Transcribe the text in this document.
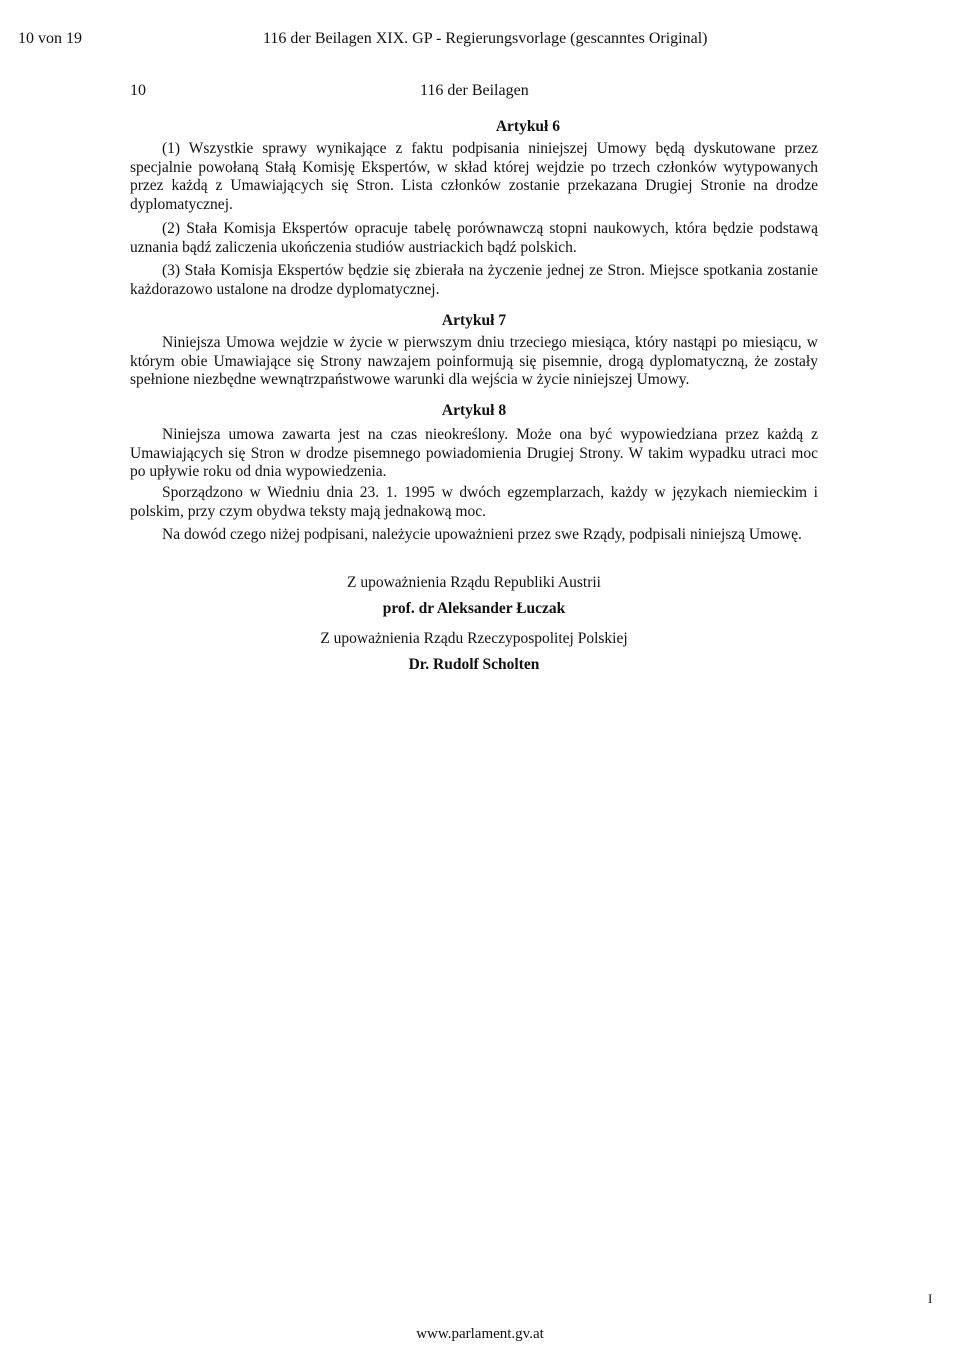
10 von 19	116 der Beilagen XIX. GP - Regierungsvorlage (gescanntes Original)
10	116 der Beilagen
Artykuł 6

(1) Wszystkie sprawy wynikające z faktu podpisania niniejszej Umowy będą dyskutowane przez specjalnie powołaną Stałą Komisję Ekspertów, w skład której wejdzie po trzech członków wytypowanych przez każdą z Umawiających się Stron. Lista członków zostanie przekazana Drugiej Stronie na drodze dyplomatycznej.

(2) Stała Komisja Ekspertów opracuje tabelę porównawczą stopni naukowych, która będzie podstawą uznania bądź zaliczenia ukończenia studiów austriackich bądź polskich.

(3) Stała Komisja Ekspertów będzie się zbierała na życzenie jednej ze Stron. Miejsce spotkania zostanie każdorazowo ustalone na drodze dyplomatycznej.

Artykuł 7

Niniejsza Umowa wejdzie w życie w pierwszym dniu trzeciego miesiąca, który nastąpi po miesiącu, w którym obie Umawiające się Strony nawzajem poinformują się pisemnie, drogą dyplomatyczną, że zostały spełnione niezbędne wewnątrzpaństwowe warunki dla wejścia w życie niniejszej Umowy.

Artykuł 8

Niniejsza umowa zawarta jest na czas nieokreślony. Może ona być wypowiedziana przez każdą z Umawiających się Stron w drodze pisemnego powiadomienia Drugiej Strony. W takim wypadku utraci moc po upływie roku od dnia wypowiedzenia.

Sporządzono w Wiedniu dnia 23. 1. 1995 w dwóch egzemplarzach, każdy w językach niemieckim i polskim, przy czym obydwa teksty mają jednakową moc.

Na dowód czego niżej podpisani, należycie upoważnieni przez swe Rządy, podpisali niniejszą Umowę.

Z upoważnienia Rządu Republiki Austrii
prof. dr Aleksander Łuczak
Z upoważnienia Rządu Rzeczypospolitej Polskiej
Dr. Rudolf Scholten
I
www.parlament.gv.at
